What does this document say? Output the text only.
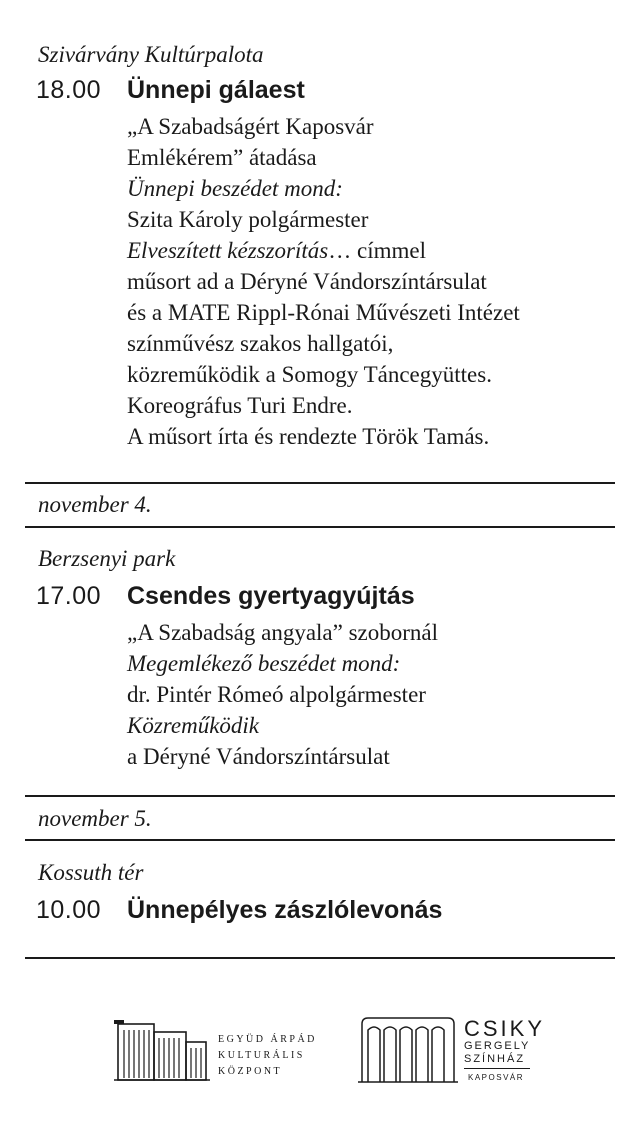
Szivárvány Kultúrpalota
18.00 Ünnepi gálaest
„A Szabadságért Kaposvár
Emlékérem” átadása
Ünnepi beszédet mond:
Szita Károly polgármester
Elveszített kézszorítás… címmel
műsort ad a Déryné Vándorszíntársulat
és a MATE Rippl-Rónai Művészeti Intézet
színművész szakos hallgatói,
közreműködik a Somogy Táncegyüttes.
Koreográfus Turi Endre.
A műsort írta és rendezte Török Tamás.
november 4.
Berzsenyi park
17.00 Csendes gyertyagyújtás
„A Szabadság angyala” szobornál
Megemlékező beszédet mond:
dr. Pintér Rómeó alpolgármester
Közreműködik
a Déryné Vándorszíntársulat
november 5.
Kossuth tér
10.00 Ünnepélyes zászlólevonás
EGYÜD ÁRPÁD
KULTURÁLIS
KÖZPONT
CSIKY
GERGELY
SZÍNHÁZ
KAPOSVÁR
